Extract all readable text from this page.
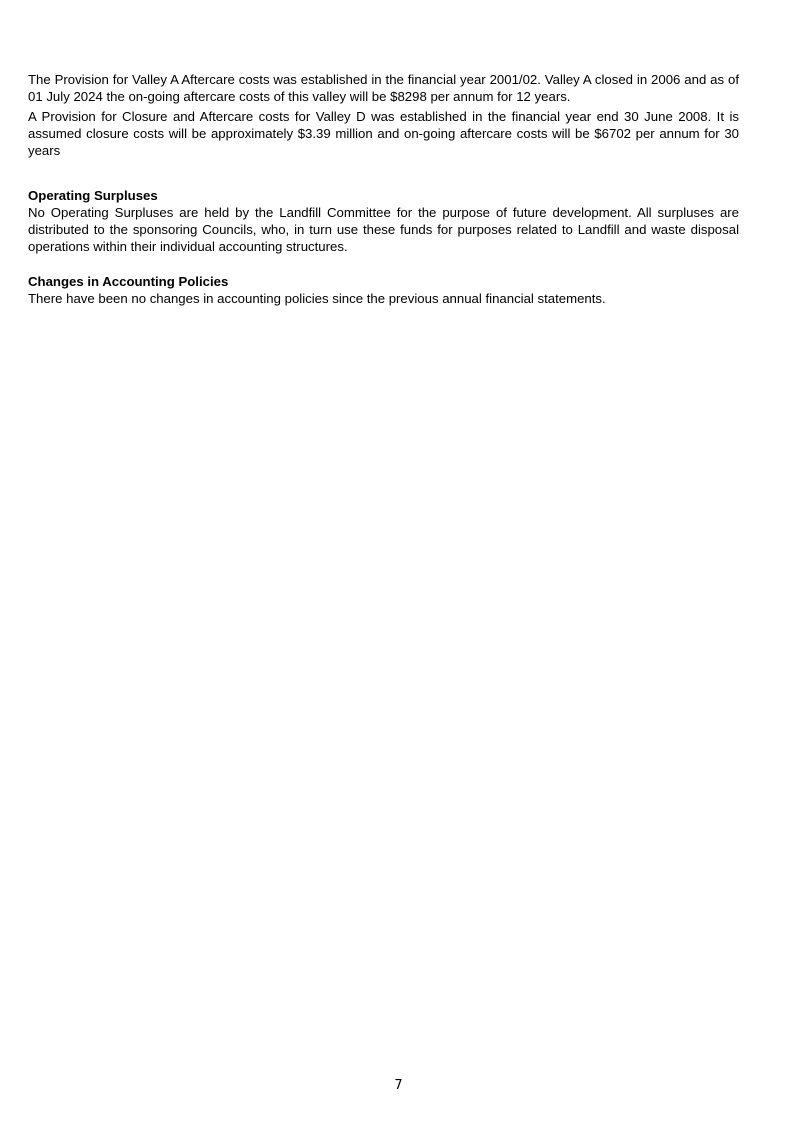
The Provision for Valley A Aftercare costs was established in the financial year 2001/02. Valley A closed in 2006 and as of 01 July 2024 the on-going aftercare costs of this valley will be $8298 per annum for 12 years.

A Provision for Closure and Aftercare costs for Valley D was established in the financial year end 30 June 2008. It is assumed closure costs will be approximately $3.39 million and on-going aftercare costs will be $6702 per annum for 30 years

Operating Surpluses

No Operating Surpluses are held by the Landfill Committee for the purpose of future development. All surpluses are distributed to the sponsoring Councils, who, in turn use these funds for purposes related to Landfill and waste disposal operations within their individual accounting structures.

Changes in Accounting Policies

There have been no changes in accounting policies since the previous annual financial statements.

7
